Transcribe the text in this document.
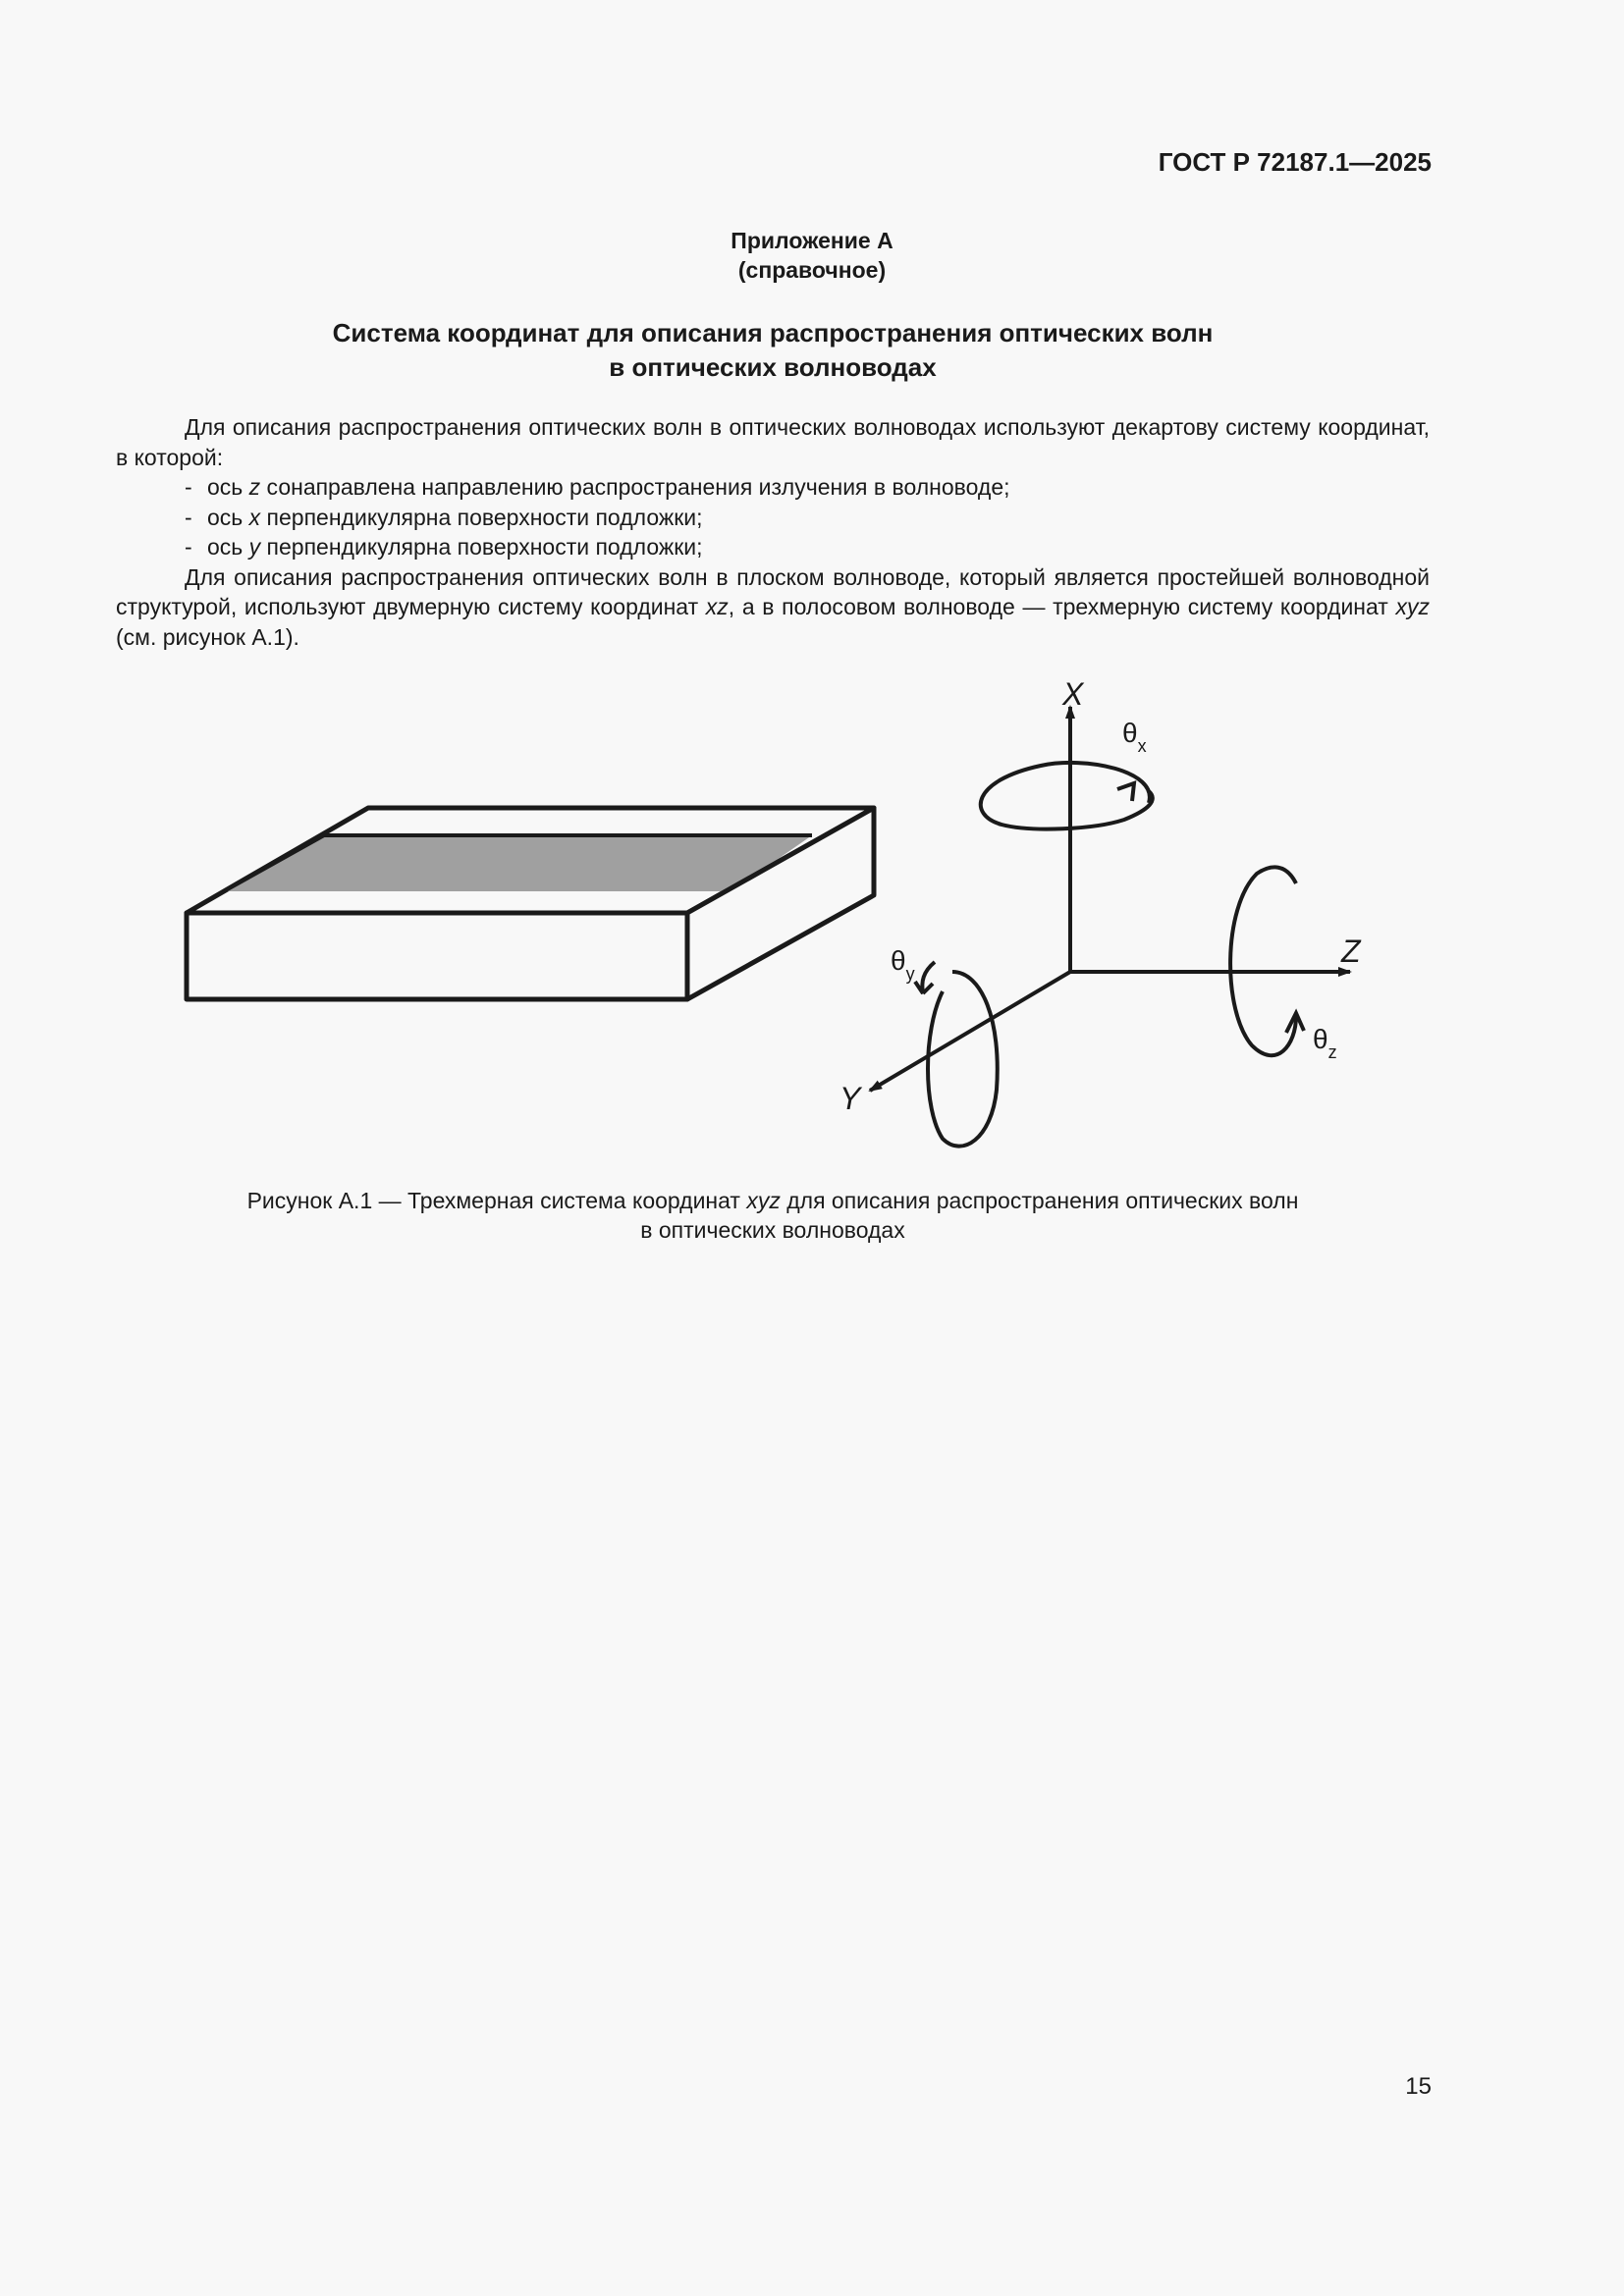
ГОСТ Р 72187.1—2025
Приложение А
(справочное)
Система координат для описания распространения оптических волн
в оптических волноводах

Для описания распространения оптических волн в оптических волноводах используют декартову систему координат, в которой:

- ось z сонаправлена направлению распространения излучения в волноводе;

- ось x перпендикулярна поверхности подложки;

- ось y перпендикулярна поверхности подложки;

Для описания распространения оптических волн в плоском волноводе, который является простейшей волноводной структурой, используют двумерную систему координат xz, а в полосовом волноводе — трехмерную систему координат xyz (см. рисунок А.1).

X
Z
Y
$\theta_x$
$\theta_y$
$\theta_z$
Рисунок А.1 — Трехмерная система координат xyz для описания распространения оптических волн
в оптических волноводах
15
